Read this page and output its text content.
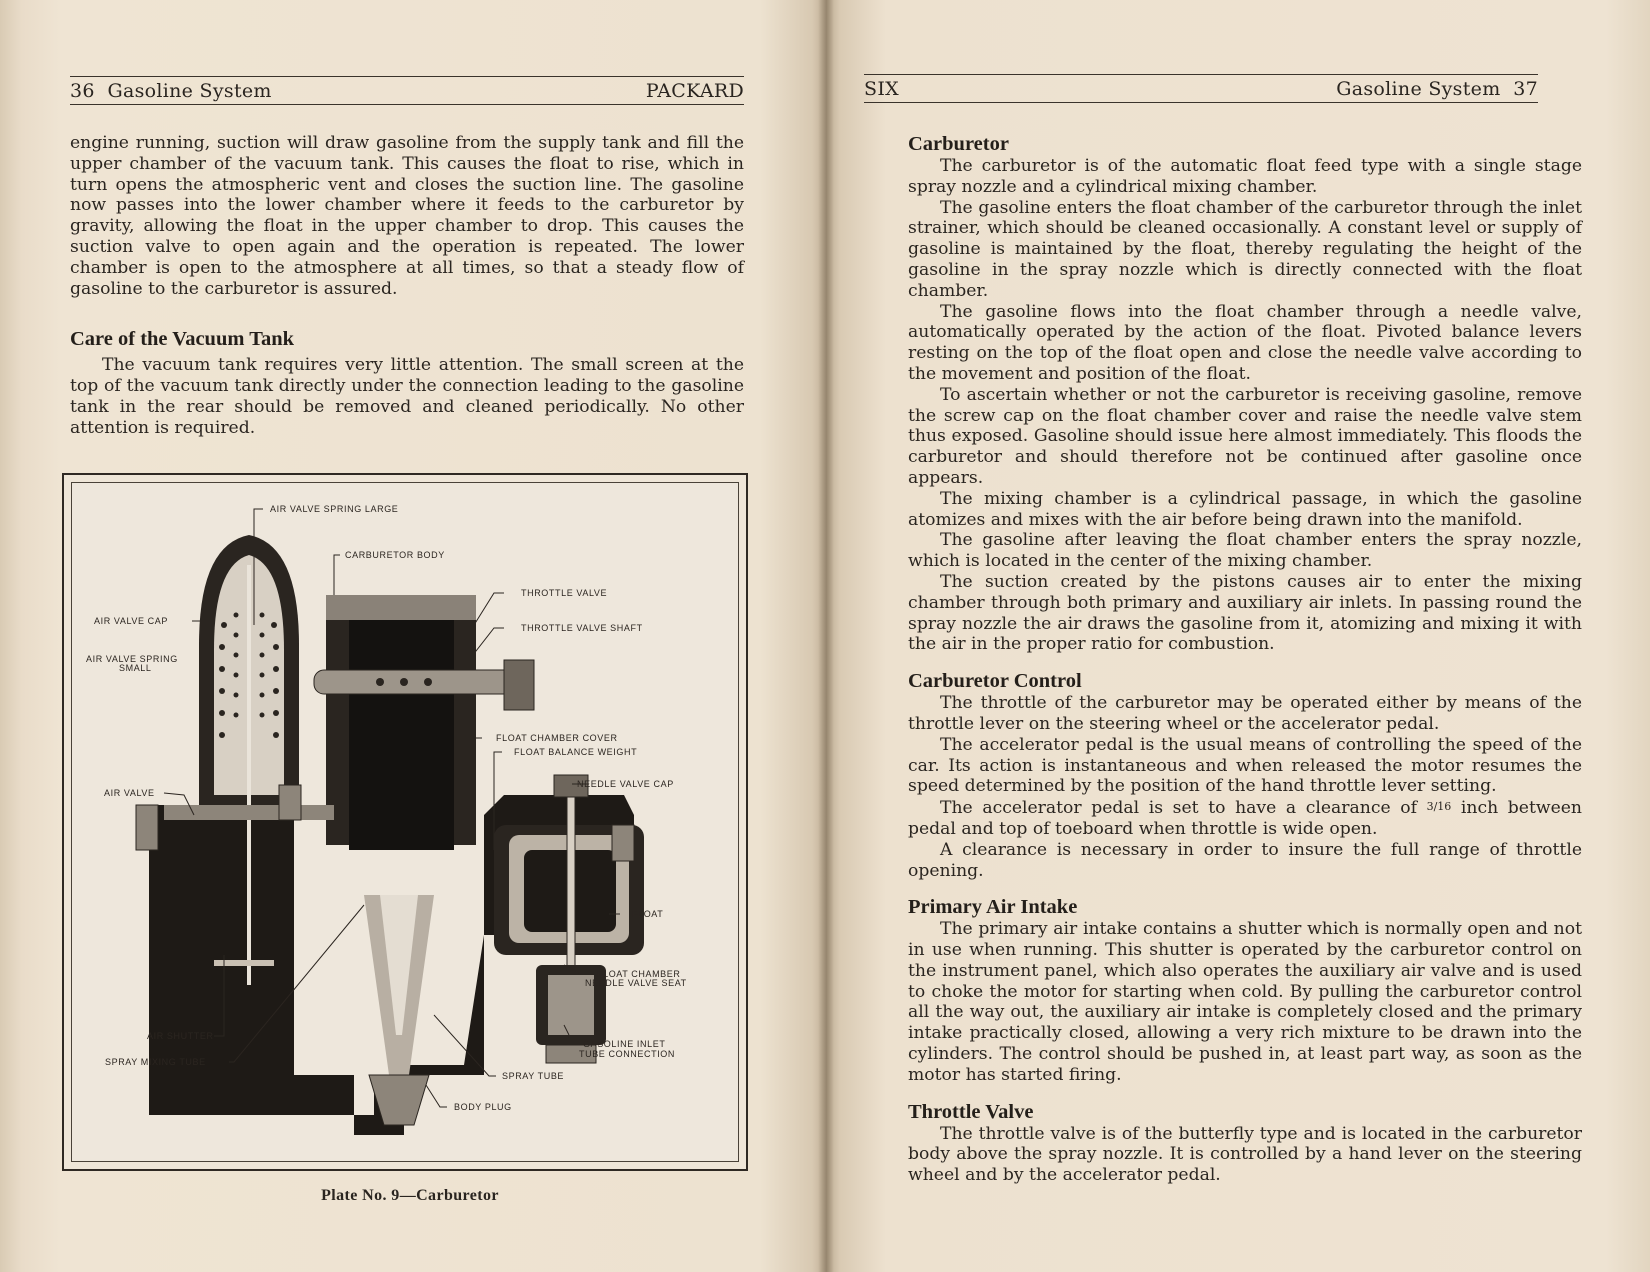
36 Gasoline System	PACKARD

engine running, suction will draw gasoline from the supply tank and fill the upper chamber of the vacuum tank. This causes the float to rise, which in turn opens the atmospheric vent and closes the suction line. The gasoline now passes into the lower chamber where it feeds to the carburetor by gravity, allowing the float in the upper chamber to drop. This causes the suction valve to open again and the operation is repeated. The lower chamber is open to the atmosphere at all times, so that a steady flow of gasoline to the carburetor is assured.

Care of the Vacuum Tank

The vacuum tank requires very little attention. The small screen at the top of the vacuum tank directly under the connection leading to the gasoline tank in the rear should be removed and cleaned periodically. No other attention is required.

AIR VALVE SPRING LARGE
CARBURETOR BODY
THROTTLE VALVE
THROTTLE VALVE SHAFT
AIR VALVE CAP
AIR VALVE SPRING
SMALL
FLOAT CHAMBER COVER
FLOAT BALANCE WEIGHT
NEEDLE VALVE CAP
AIR VALVE
FLOAT
FLOAT CHAMBER
NEEDLE VALVE SEAT
AIR SHUTTER
GASOLINE INLET
TUBE CONNECTION
SPRAY MIXING TUBE
SPRAY TUBE
BODY PLUG
Plate No. 9—Carburetor
SIX	Gasoline System 37
Carburetor

The carburetor is of the automatic float feed type with a single stage spray nozzle and a cylindrical mixing chamber.

The gasoline enters the float chamber of the carburetor through the inlet strainer, which should be cleaned occasionally. A constant level or supply of gasoline is maintained by the float, thereby regulating the height of the gasoline in the spray nozzle which is directly connected with the float chamber.

The gasoline flows into the float chamber through a needle valve, automatically operated by the action of the float. Pivoted balance levers resting on the top of the float open and close the needle valve according to the movement and position of the float.

To ascertain whether or not the carburetor is receiving gasoline, remove the screw cap on the float chamber cover and raise the needle valve stem thus exposed. Gasoline should issue here almost immediately. This floods the carburetor and should therefore not be continued after gasoline once appears.

The mixing chamber is a cylindrical passage, in which the gasoline atomizes and mixes with the air before being drawn into the manifold.

The gasoline after leaving the float chamber enters the spray nozzle, which is located in the center of the mixing chamber.

The suction created by the pistons causes air to enter the mixing chamber through both primary and auxiliary air inlets. In passing round the spray nozzle the air draws the gasoline from it, atomizing and mixing it with the air in the proper ratio for combustion.

Carburetor Control

The throttle of the carburetor may be operated either by means of the throttle lever on the steering wheel or the accelerator pedal.

The accelerator pedal is the usual means of controlling the speed of the car. Its action is instantaneous and when released the motor resumes the speed determined by the position of the hand throttle lever setting.

The accelerator pedal is set to have a clearance of 3/16 inch between pedal and top of toeboard when throttle is wide open.

A clearance is necessary in order to insure the full range of throttle opening.

Primary Air Intake

The primary air intake contains a shutter which is normally open and not in use when running. This shutter is operated by the carburetor control on the instrument panel, which also operates the auxiliary air valve and is used to choke the motor for starting when cold. By pulling the carburetor control all the way out, the auxiliary air intake is completely closed and the primary intake practically closed, allowing a very rich mixture to be drawn into the cylinders. The control should be pushed in, at least part way, as soon as the motor has started firing.

Throttle Valve

The throttle valve is of the butterfly type and is located in the carburetor body above the spray nozzle. It is controlled by a hand lever on the steering wheel and by the accelerator pedal.
